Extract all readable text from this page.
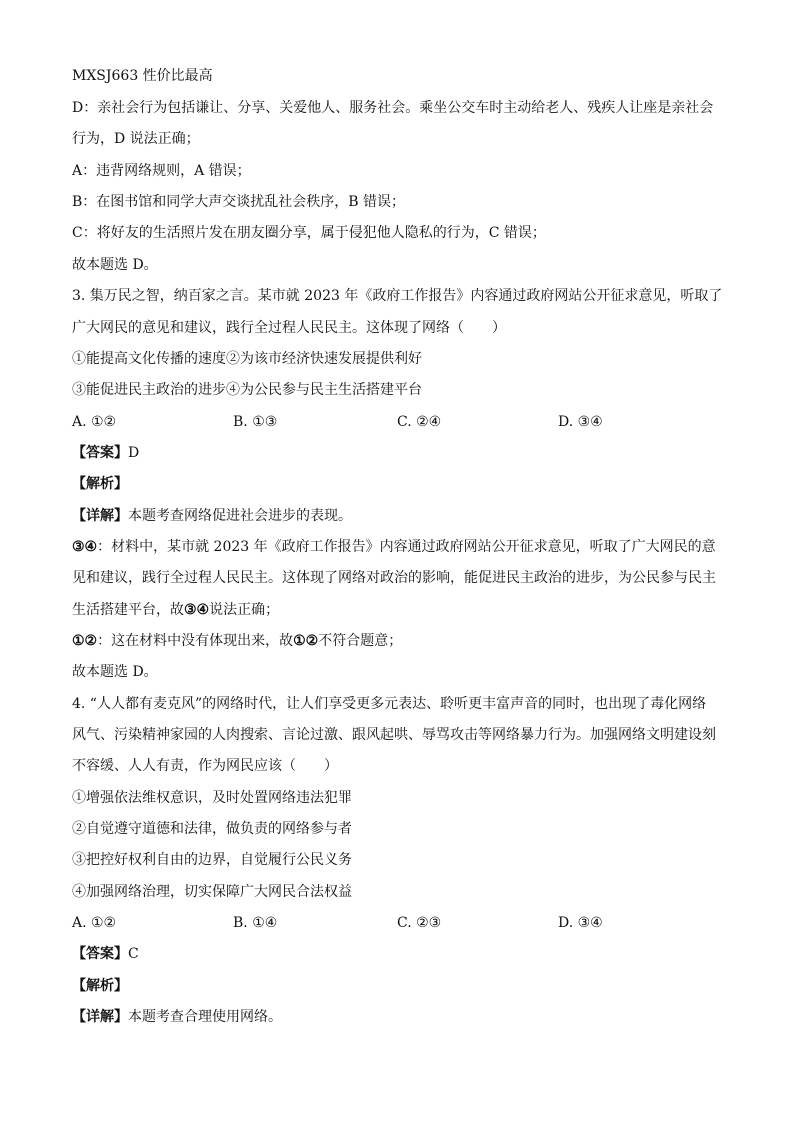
MXSJ663 性价比最高
D：亲社会行为包括谦让、分享、关爱他人、服务社会。乘坐公交车时主动给老人、残疾人让座是亲社会
行为，D 说法正确；
A：违背网络规则，A 错误；
B：在图书馆和同学大声交谈扰乱社会秩序，B 错误；
C：将好友的生活照片发在朋友圈分享，属于侵犯他人隐私的行为，C 错误；
故本题选 D。
3. 集万民之智，纳百家之言。某市就 2023 年《政府工作报告》内容通过政府网站公开征求意见，听取了
广大网民的意见和建议，践行全过程人民民主。这体现了网络（　　）
①能提高文化传播的速度②为该市经济快速发展提供利好
③能促进民主政治的进步④为公民参与民主生活搭建平台
A. ①②	B. ①③	C. ②④	D. ③④
【答案】D
【解析】
【详解】本题考查网络促进社会进步的表现。
③④：材料中，某市就 2023 年《政府工作报告》内容通过政府网站公开征求意见，听取了广大网民的意
见和建议，践行全过程人民民主。这体现了网络对政治的影响，能促进民主政治的进步，为公民参与民主
生活搭建平台，故③④说法正确；
①②：这在材料中没有体现出来，故①②不符合题意；
故本题选 D。
4. “人人都有麦克风”的网络时代，让人们享受更多元表达、聆听更丰富声音的同时，也出现了毒化网络
风气、污染精神家园的人肉搜索、言论过激、跟风起哄、辱骂攻击等网络暴力行为。加强网络文明建设刻
不容缓、人人有责，作为网民应该（　　）
①增强依法维权意识，及时处置网络违法犯罪
②自觉遵守道德和法律，做负责的网络参与者
③把控好权利自由的边界，自觉履行公民义务
④加强网络治理，切实保障广大网民合法权益
A. ①②	B. ①④	C. ②③	D. ③④
【答案】C
【解析】
【详解】本题考查合理使用网络。
